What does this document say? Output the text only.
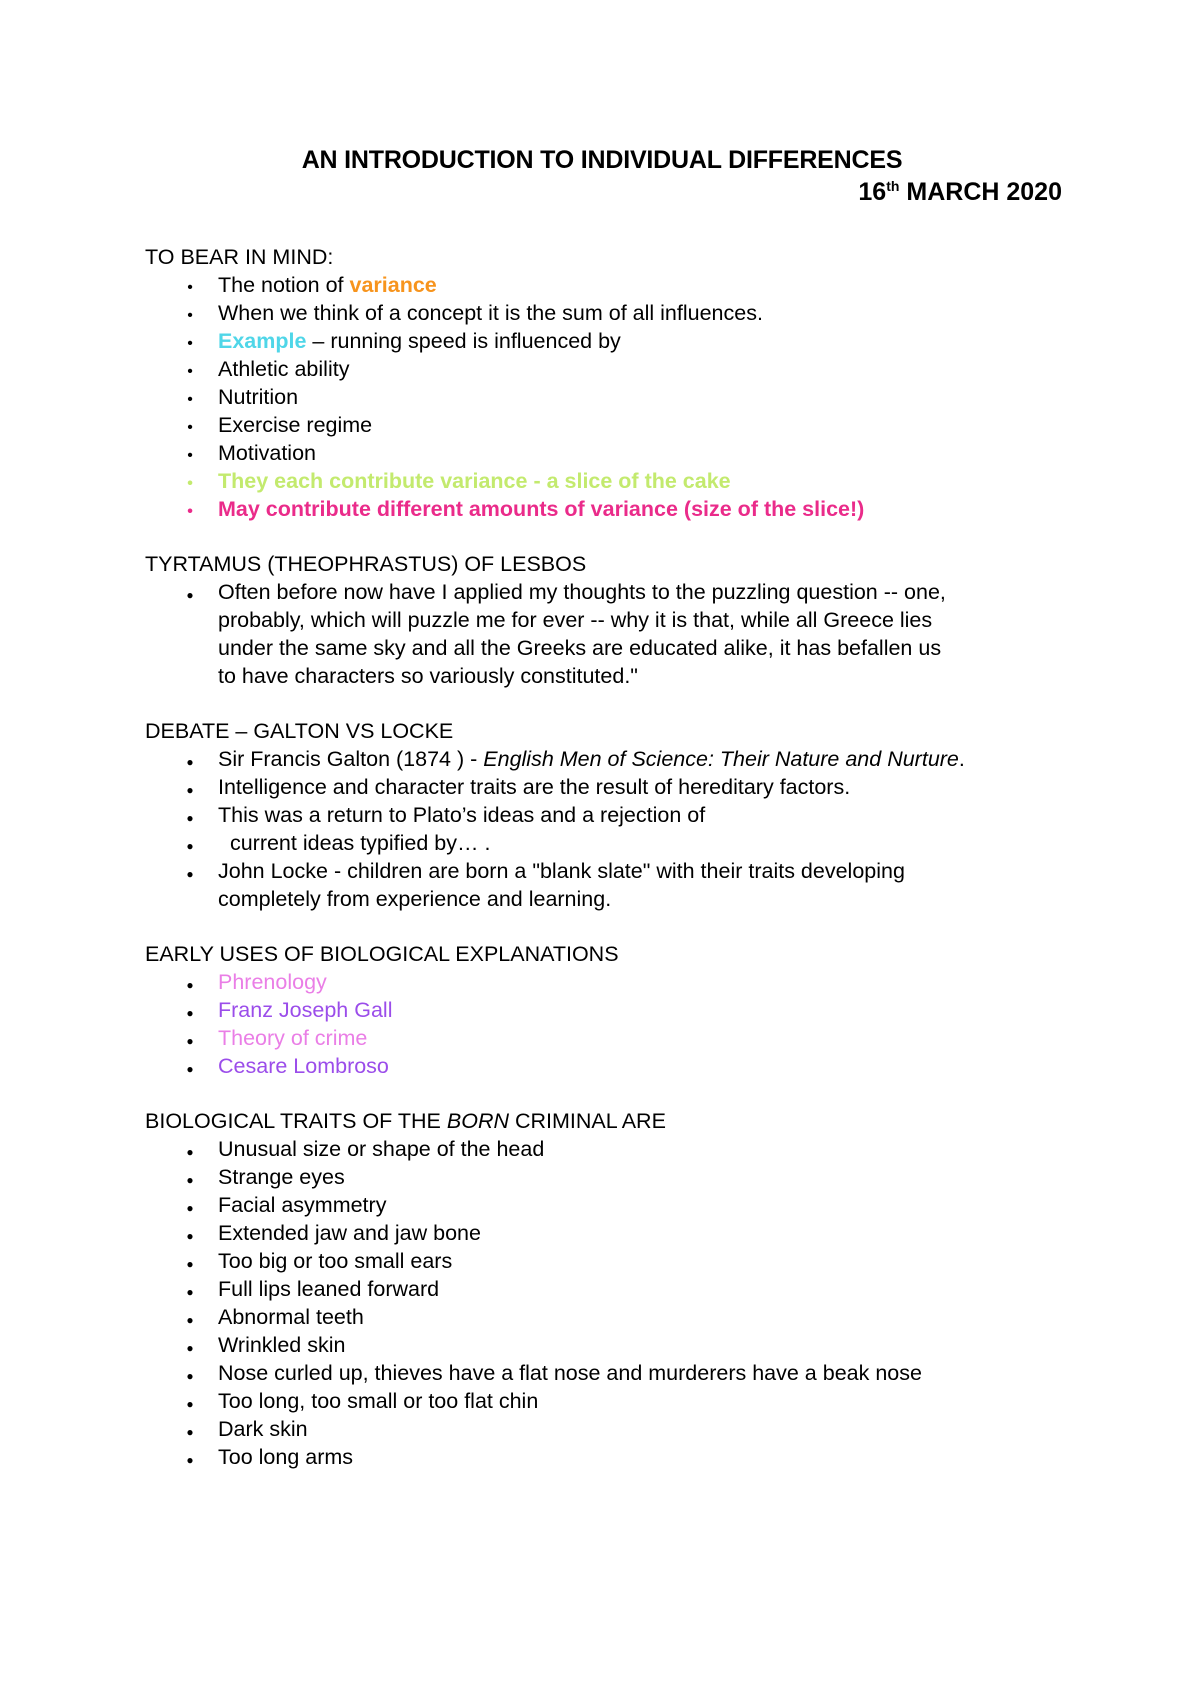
AN INTRODUCTION TO INDIVIDUAL DIFFERENCES
16th MARCH 2020
TO BEAR IN MIND:
•
The notion of variance
•
When we think of a concept it is the sum of all influences.
•
Example – running speed is influenced by
•
Athletic ability
•
Nutrition
•
Exercise regime
•
Motivation
•
They each contribute variance - a slice of the cake
•
May contribute different amounts of variance (size of the slice!)
TYRTAMUS (THEOPHRASTUS) OF LESBOS
●
Often before now have I applied my thoughts to the puzzling question -- one,
probably, which will puzzle me for ever -- why it is that, while all Greece lies
under the same sky and all the Greeks are educated alike, it has befallen us
to have characters so variously constituted."
DEBATE – GALTON VS LOCKE
●
Sir Francis Galton (1874 ) - English Men of Science: Their Nature and Nurture.
●
Intelligence and character traits are the result of hereditary factors.
●
This was a return to Plato’s ideas and a rejection of
●
current ideas typified by… .
●
John Locke - children are born a "blank slate" with their traits developing
completely from experience and learning.
EARLY USES OF BIOLOGICAL EXPLANATIONS
●
Phrenology
●
Franz Joseph Gall
●
Theory of crime
●
Cesare Lombroso
BIOLOGICAL TRAITS OF THE BORN CRIMINAL ARE
●
Unusual size or shape of the head
●
Strange eyes
●
Facial asymmetry
●
Extended jaw and jaw bone
●
Too big or too small ears
●
Full lips leaned forward
●
Abnormal teeth
●
Wrinkled skin
●
Nose curled up, thieves have a flat nose and murderers have a beak nose
●
Too long, too small or too flat chin
●
Dark skin
●
Too long arms
